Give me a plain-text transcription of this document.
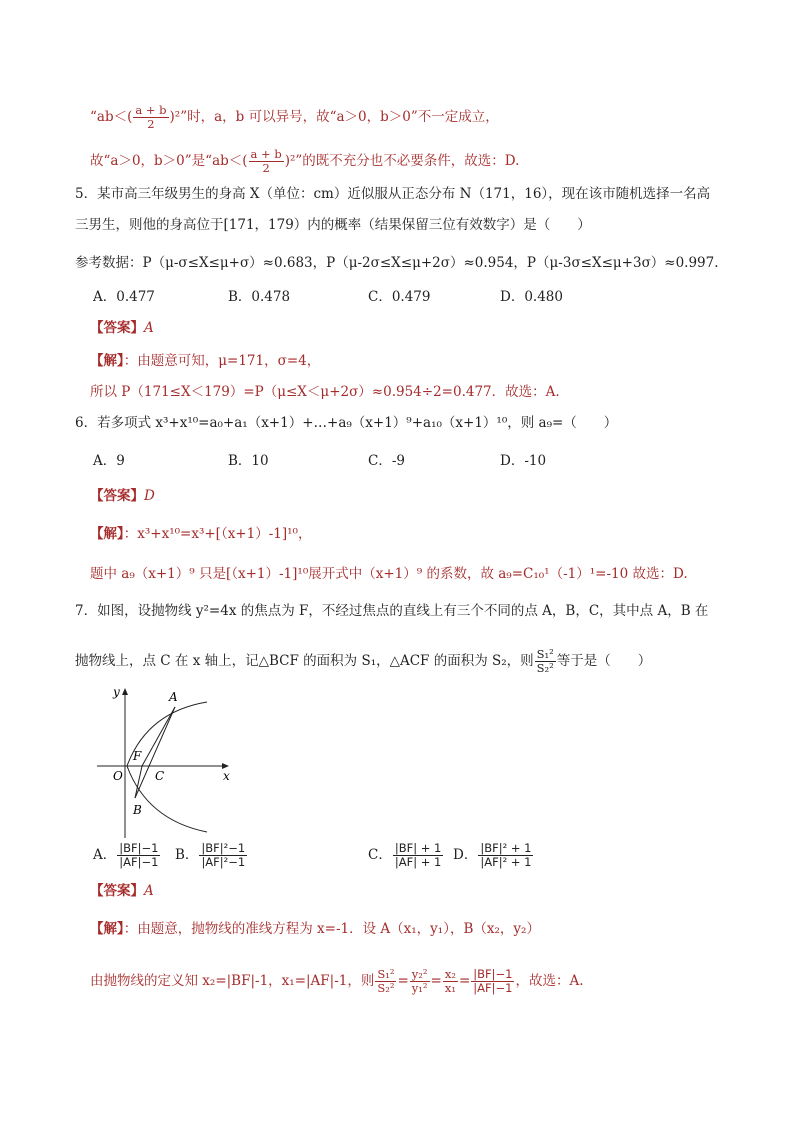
“$ab<( \frac{a + b}{2} )^2$”时，a，b 可以异号，故“a＞0，b＞0”不一定成立，
故“a＞0，b＞0”是“$ab<( \frac{a + b}{2} )^2$”的既不充分也不必要条件，故选：D.
5．某市高三年级男生的身高 X（单位：cm）近似服从正态分布 N（171，16），现在该市随机选择一名高
三男生，则他的身高位于[171，179）内的概率（结果保留三位有效数字）是（　　）
参考数据：P（μ-σ≤X≤μ+σ）≈0.683，P（μ-2σ≤X≤μ+2σ）≈0.954，P（μ-3σ≤X≤μ+3σ）≈0.997.
A．0.477	B．0.478	C．0.479	D．0.480
【答案】A
【解】：由题意可知，μ=171，σ=4，
所以 P（171≤X＜179）=P（μ≤X＜μ+2σ）≈0.954÷2=0.477．故选：A.
6．若多项式 x³+x¹⁰=a₀+a₁（x+1）+…+a₉（x+1）⁹+a₁₀（x+1）¹⁰，则 a₉=（　　）
A．9	B．10	C．-9	D．-10
【答案】D
【解】：x³+x¹⁰=x³+[（x+1）-1]¹⁰，
题中 a₉（x+1）⁹ 只是[（x+1）-1]¹⁰展开式中（x+1）⁹ 的系数，故 a₉=C₁₀¹（-1）¹=-10 故选：D.
7．如图，设抛物线 y²=4x 的焦点为 F，不经过焦点的直线上有三个不同的点 A，B，C，其中点 A，B 在
抛物线上，点 C 在 x 轴上，记△BCF 的面积为 S₁，△ACF 的面积为 S₂，则 $\frac{\text{S₁²}}{\text{S₂²}}$ 等于是（　　）
y	A
F
O	C	x
B
A． $\frac{|BF|-1}{|AF|-1}$ B． $\frac{\text{|BF|²−1}}{\text{|AF|²−1}}$	C． $\frac{|BF| + 1}{|AF| + 1}$ D． $\frac{\text{|BF|² + 1}}{\text{|AF|² + 1}}$
【答案】A
【解】：由题意，抛物线的准线方程为 x=-1．设 A（x₁，y₁），B（x₂，y₂）
由抛物线的定义知 x₂=|BF|-1，x₁=|AF|-1，则 $\frac{\text{S₁²}}{\text{S₂²}} = \frac{\text{y₂²}}{\text{y₁²}} = \frac{\text{x₂}}{\text{x₁}} = \frac{|BF|-1}{|AF|-1}$ ，故选：A.
